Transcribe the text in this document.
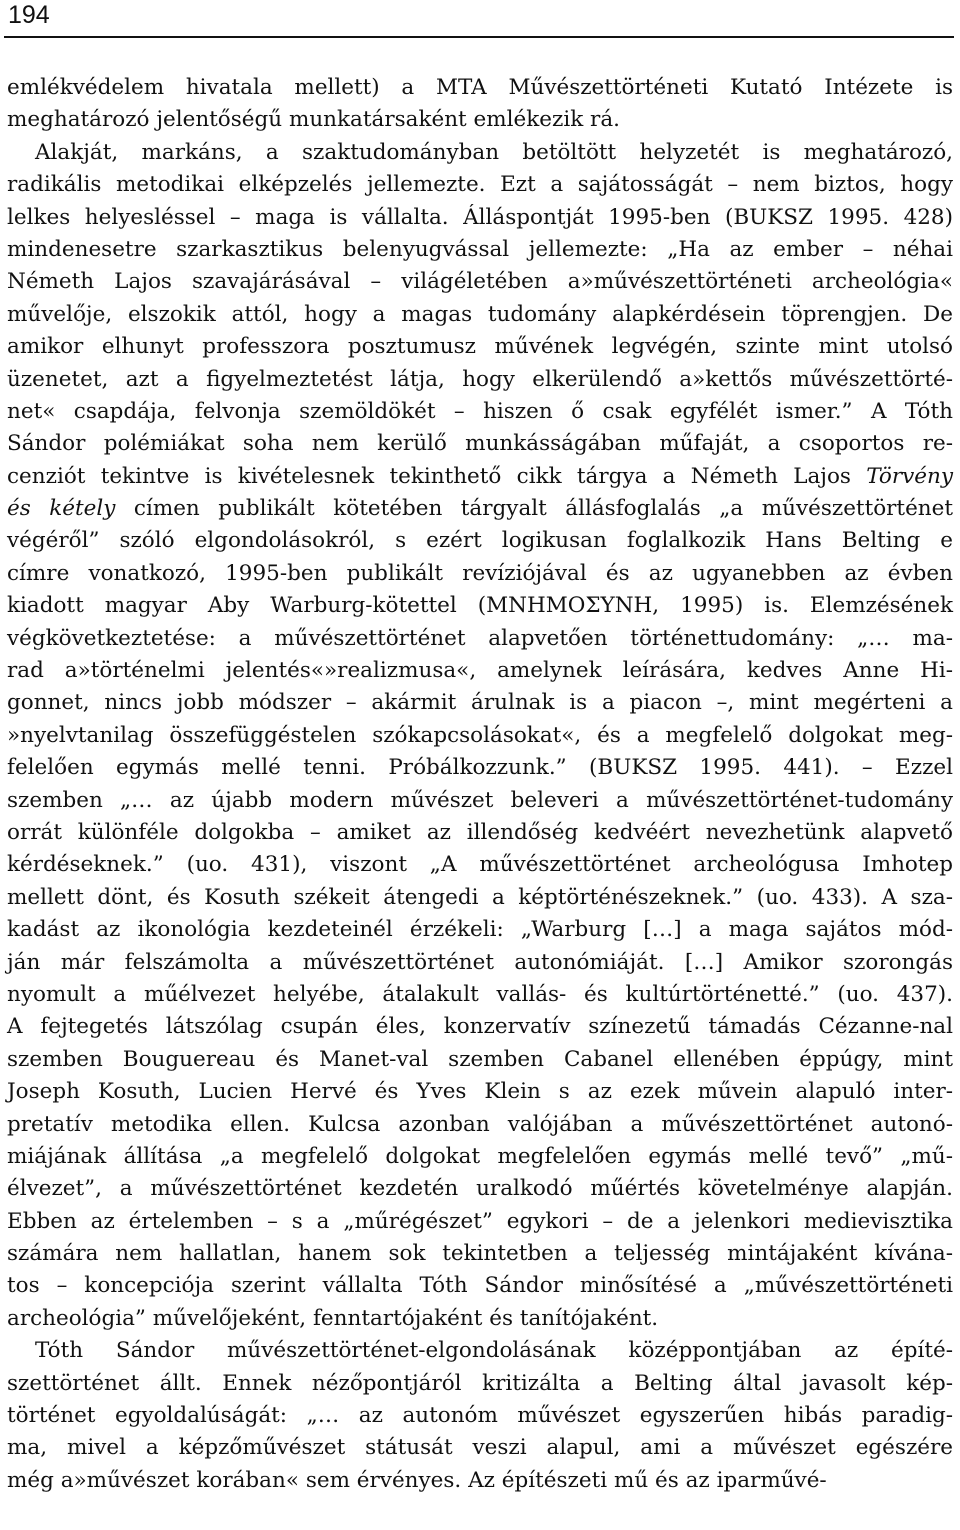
194
emlékvédelem hivatala mellett) a MTA Művészettörténeti Kutató Intézete is
meghatározó jelentőségű munkatársaként emlékezik rá.
Alakját, markáns, a szaktudományban betöltött helyzetét is meghatározó,
radikális metodikai elképzelés jellemezte. Ezt a sajátosságát – nem biztos, hogy
lelkes helyesléssel – maga is vállalta. Álláspontját 1995-ben (BUKSZ 1995. 428)
mindenesetre szarkasztikus belenyugvással jellemezte: „Ha az ember – néhai
Németh Lajos szavajárásával – világéletében a»művészettörténeti archeológia«
művelője, elszokik attól, hogy a magas tudomány alapkérdésein töprengjen. De
amikor elhunyt professzora posztumusz művének legvégén, szinte mint utolsó
üzenetet, azt a figyelmeztetést látja, hogy elkerülendő a»kettős művészettörté-
net« csapdája, felvonja szemöldökét – hiszen ő csak egyfélét ismer.” A Tóth
Sándor polémiákat soha nem kerülő munkásságában műfaját, a csoportos re-
cenziót tekintve is kivételesnek tekinthető cikk tárgya a Németh Lajos Törvény
és kétely címen publikált kötetében tárgyalt állásfoglalás „a művészettörténet
végéről” szóló elgondolásokról, s ezért logikusan foglalkozik Hans Belting e
címre vonatkozó, 1995-ben publikált revíziójával és az ugyanebben az évben
kiadott magyar Aby Warburg-kötettel (ΜΝΗΜΟΣΥΝΗ, 1995) is. Elemzésének
végkövetkeztetése: a művészettörténet alapvetően történettudomány: „… ma-
rad a»történelmi jelentés«»realizmusa«, amelynek leírására, kedves Anne Hi-
gonnet, nincs jobb módszer – akármit árulnak is a piacon –, mint megérteni a
»nyelvtanilag összefüggéstelen szókapcsolásokat«, és a megfelelő dolgokat meg-
felelően egymás mellé tenni. Próbálkozzunk.” (BUKSZ 1995. 441). – Ezzel
szemben „… az újabb modern művészet beleveri a művészettörténet-tudomány
orrát különféle dolgokba – amiket az illendőség kedvéért nevezhetünk alapvető
kérdéseknek.” (uo. 431), viszont „A művészettörténet archeológusa Imhotep
mellett dönt, és Kosuth székeit átengedi a képtörténészeknek.” (uo. 433). A sza-
kadást az ikonológia kezdeteinél érzékeli: „Warburg […] a maga sajátos mód-
ján már felszámolta a művészettörténet autonómiáját. […] Amikor szorongás
nyomult a műélvezet helyébe, átalakult vallás- és kultúrtörténetté.” (uo. 437).
A fejtegetés látszólag csupán éles, konzervatív színezetű támadás Cézanne-nal
szemben Bouguereau és Manet-val szemben Cabanel ellenében éppúgy, mint
Joseph Kosuth, Lucien Hervé és Yves Klein s az ezek művein alapuló inter-
pretatív metodika ellen. Kulcsa azonban valójában a művészettörténet autonó-
miájának állítása „a megfelelő dolgokat megfelelően egymás mellé tevő” „mű-
élvezet”, a művészettörténet kezdetén uralkodó műértés követelménye alapján.
Ebben az értelemben – s a „műrégészet” egykori – de a jelenkori medievisztika
számára nem hallatlan, hanem sok tekintetben a teljesség mintájaként kívána-
tos – koncepciója szerint vállalta Tóth Sándor minősítésé a „művészettörténeti
archeológia” művelőjeként, fenntartójaként és tanítójaként.
Tóth Sándor művészettörténet-elgondolásának középpontjában az építé-
szettörténet állt. Ennek nézőpontjáról kritizálta a Belting által javasolt kép-
történet egyoldalúságát: „… az autonóm művészet egyszerűen hibás paradig-
ma, mivel a képzőművészet státusát veszi alapul, ami a művészet egészére
még a»művészet korában« sem érvényes. Az építészeti mű és az iparművé-
